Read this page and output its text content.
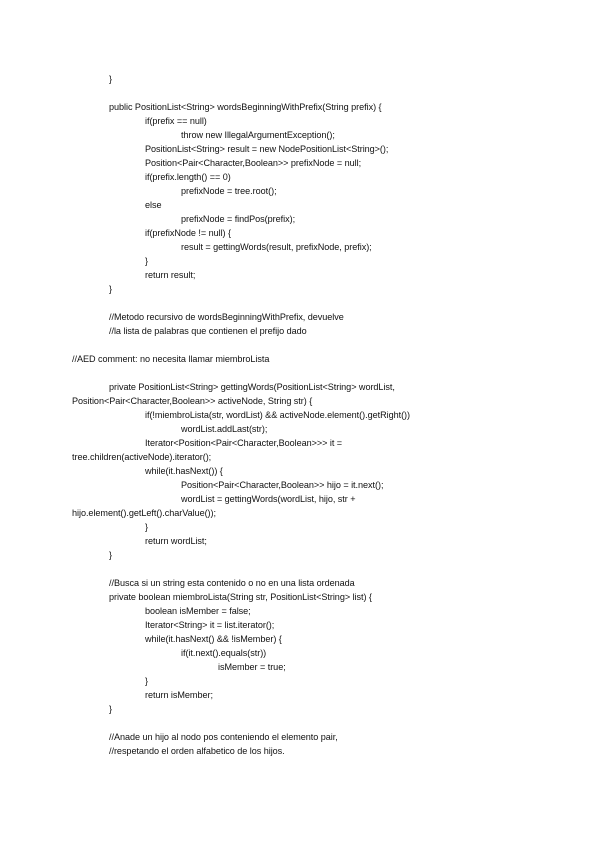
}
public PositionList<String> wordsBeginningWithPrefix(String prefix) {
if(prefix == null)
throw new IllegalArgumentException();
PositionList<String> result = new NodePositionList<String>();
Position<Pair<Character,Boolean>> prefixNode = null;
if(prefix.length() == 0)
prefixNode = tree.root();
else
prefixNode = findPos(prefix);
if(prefixNode != null) {
result = gettingWords(result, prefixNode, prefix);
}
return result;
}
//Metodo recursivo de wordsBeginningWithPrefix, devuelve
//la lista de palabras que contienen el prefijo dado
//AED comment: no necesita llamar miembroLista
private PositionList<String> gettingWords(PositionList<String> wordList,
Position<Pair<Character,Boolean>> activeNode, String str) {
if(!miembroLista(str, wordList) && activeNode.element().getRight())
wordList.addLast(str);
Iterator<Position<Pair<Character,Boolean>>> it =
tree.children(activeNode).iterator();
while(it.hasNext()) {
Position<Pair<Character,Boolean>> hijo = it.next();
wordList = gettingWords(wordList, hijo, str +
hijo.element().getLeft().charValue());
}
return wordList;
}
//Busca si un string esta contenido o no en una lista ordenada
private boolean miembroLista(String str, PositionList<String> list) {
boolean isMember = false;
Iterator<String> it = list.iterator();
while(it.hasNext() && !isMember) {
if(it.next().equals(str))
isMember = true;
}
return isMember;
}
//Anade un hijo al nodo pos conteniendo el elemento pair,
//respetando el orden alfabetico de los hijos.
